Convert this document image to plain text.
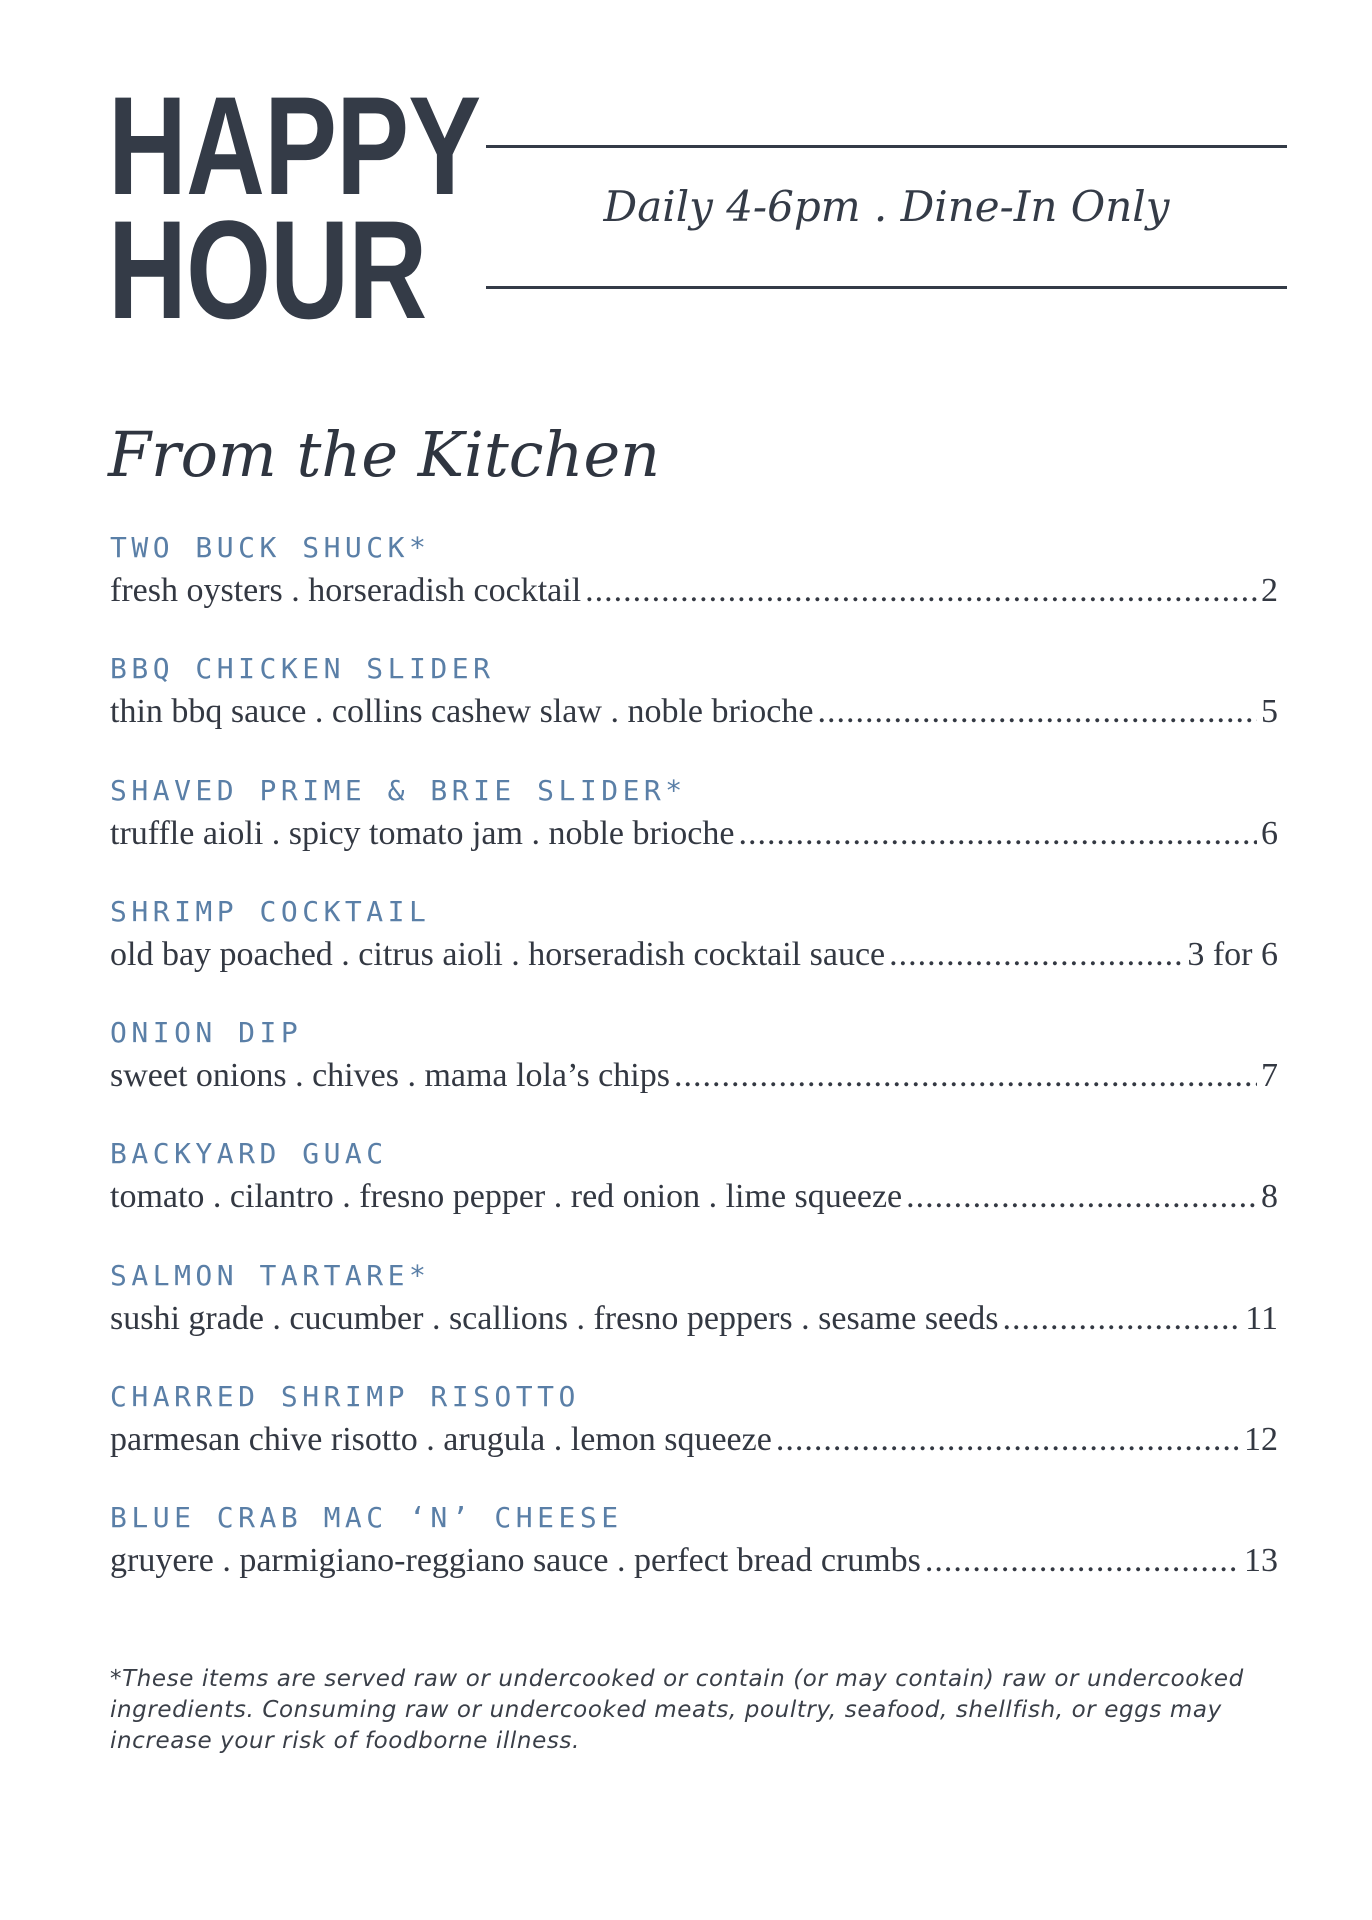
HAPPY
HOUR	Daily 4-6pm . Dine-In Only
From the Kitchen
TWO BUCK SHUCK*
fresh oysters . horseradish cocktail .....	2
BBQ CHICKEN SLIDER
thin bbq sauce . collins cashew slaw . noble brioche .....	5
SHAVED PRIME & BRIE SLIDER*
truffle aioli . spicy tomato jam . noble brioche .....	6
SHRIMP COCKTAIL
old bay poached . citrus aioli . horseradish cocktail sauce .....	3 for 6
ONION DIP
sweet onions . chives . mama lola’s chips .....	7
BACKYARD GUAC
tomato . cilantro . fresno pepper . red onion . lime squeeze .....	8
SALMON TARTARE*
sushi grade . cucumber . scallions . fresno peppers . sesame seeds .....	11
CHARRED SHRIMP RISOTTO
parmesan chive risotto . arugula . lemon squeeze .....	12
BLUE CRAB MAC ‘N’ CHEESE
gruyere . parmigiano-reggiano sauce . perfect bread crumbs .....	13

*These items are served raw or undercooked or contain (or may contain) raw or undercooked ingredients. Consuming raw or undercooked meats, poultry, seafood, shellfish, or eggs may increase your risk of foodborne illness.
